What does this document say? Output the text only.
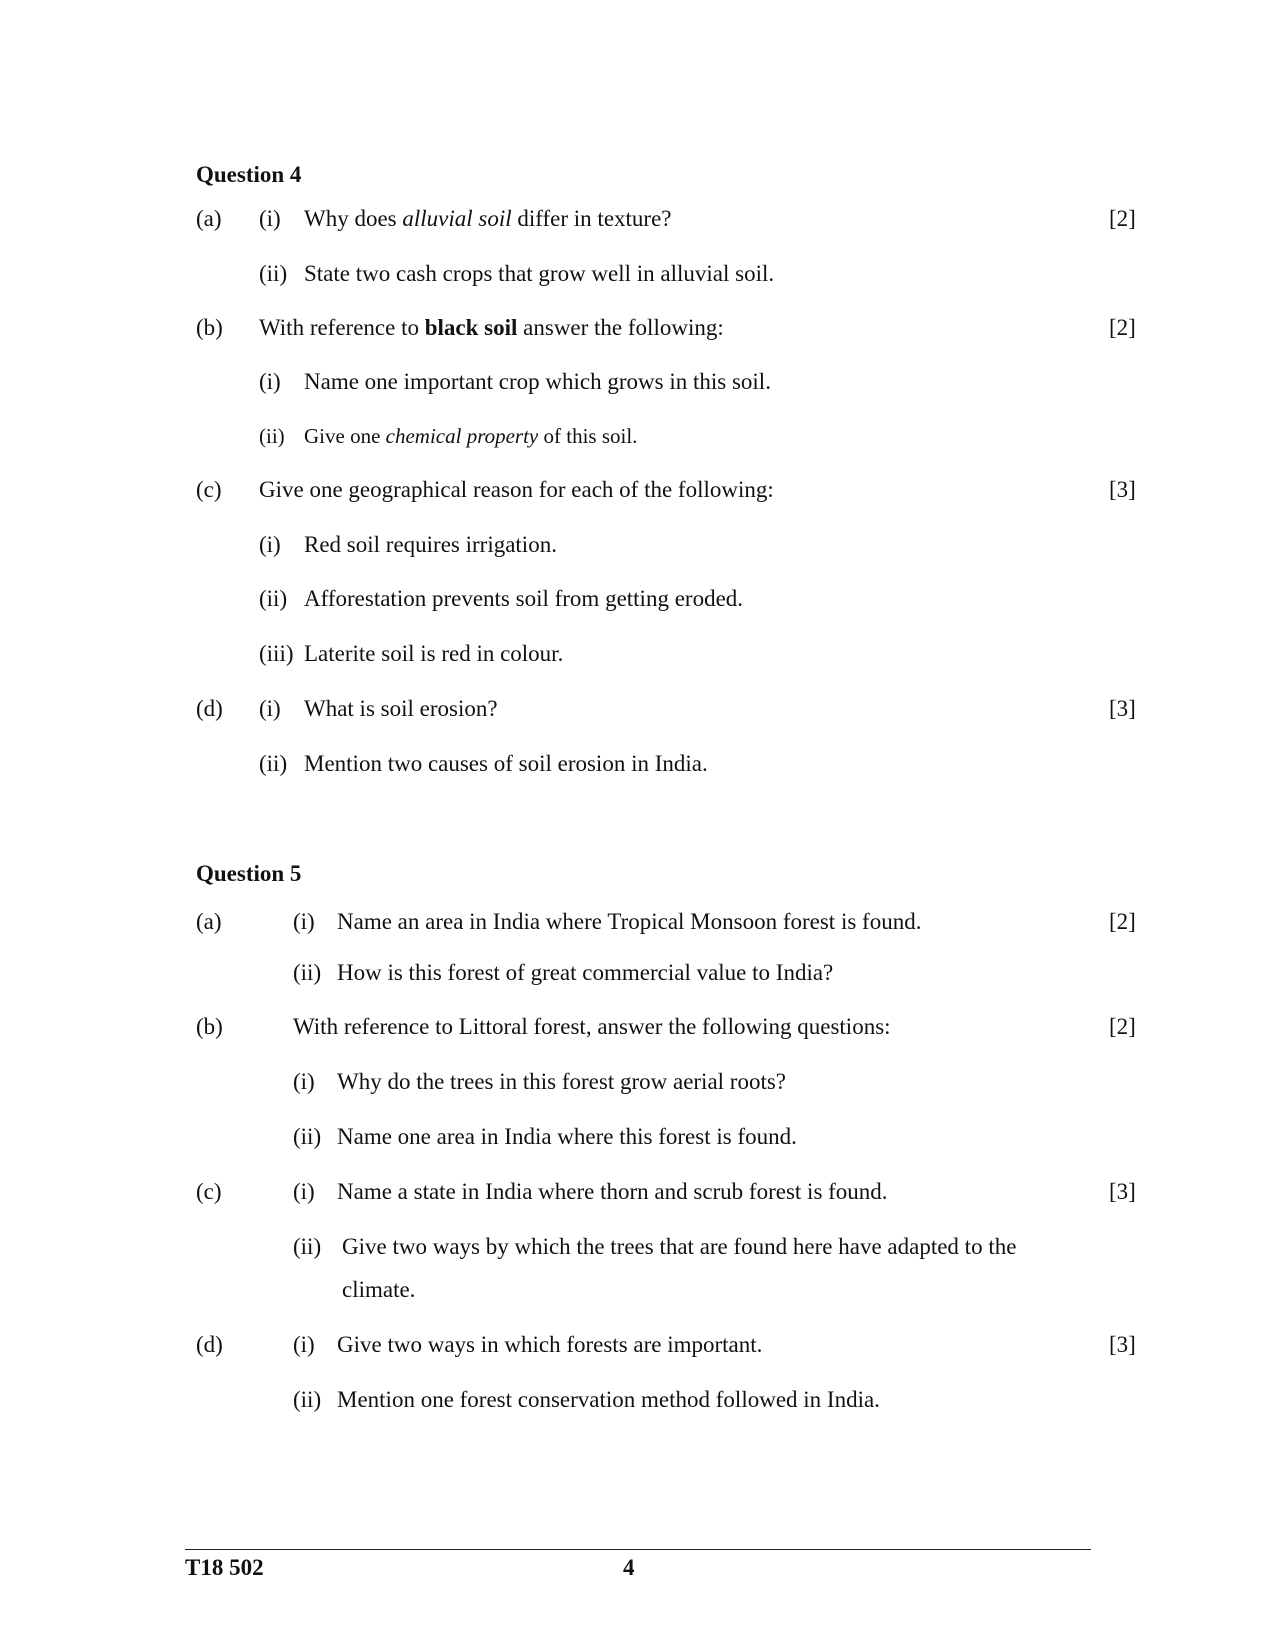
Question 4
(a) (i) Why does alluvial soil differ in texture?	[2]
(ii) State two cash crops that grow well in alluvial soil.
(b) With reference to black soil answer the following:	[2]
(i) Name one important crop which grows in this soil.
(ii) Give one chemical property of this soil.
(c) Give one geographical reason for each of the following:	[3]
(i) Red soil requires irrigation.
(ii) Afforestation prevents soil from getting eroded.
(iii) Laterite soil is red in colour.
(d) (i) What is soil erosion?	[3]
(ii) Mention two causes of soil erosion in India.
Question 5
(a)	(i) Name an area in India where Tropical Monsoon forest is found.	[2]
(ii) How is this forest of great commercial value to India?
(b)	With reference to Littoral forest, answer the following questions:	[2]
(i) Why do the trees in this forest grow aerial roots?
(ii) Name one area in India where this forest is found.
(c)	(i) Name a state in India where thorn and scrub forest is found.	[3]
(ii) Give two ways by which the trees that are found here have adapted to the
climate.
(d)	(i) Give two ways in which forests are important.	[3]
(ii) Mention one forest conservation method followed in India.
T18 502	4
